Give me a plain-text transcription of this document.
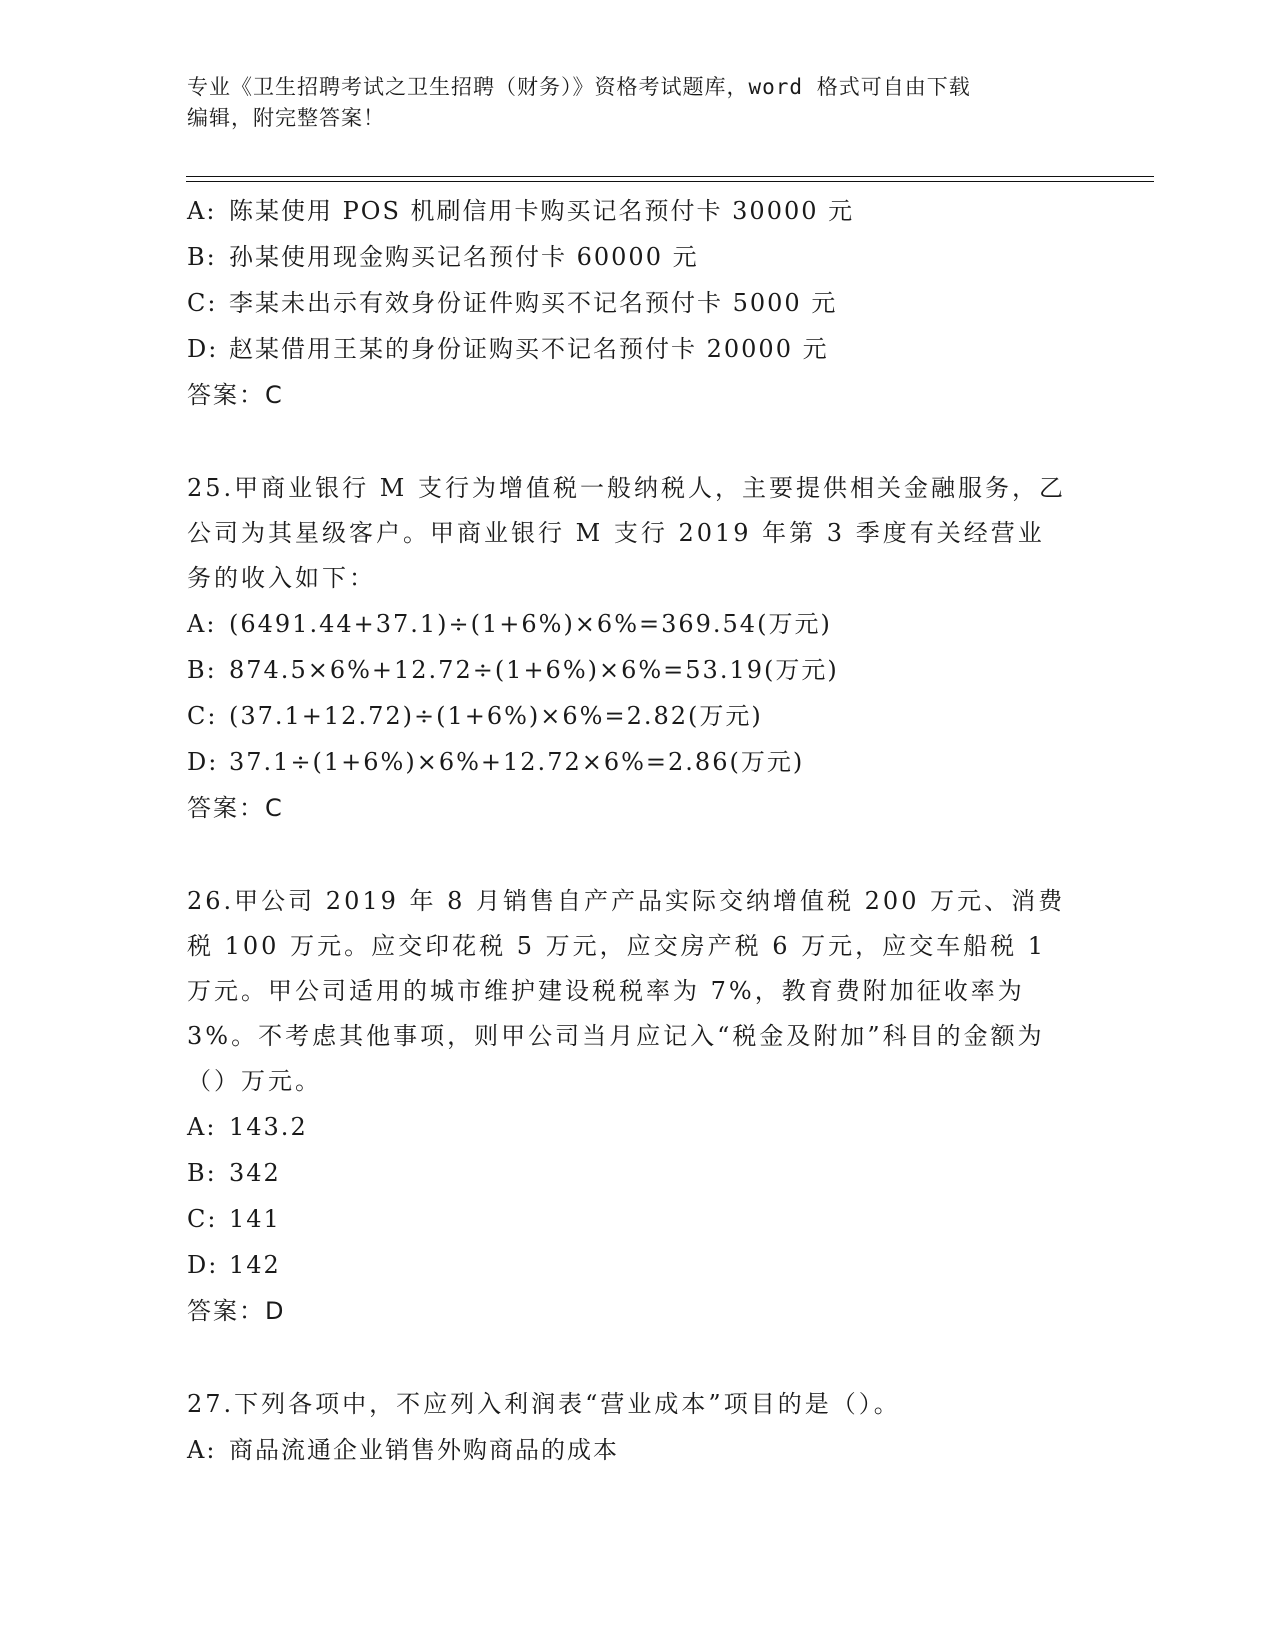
专业《卫生招聘考试之卫生招聘（财务）》资格考试题库，word 格式可自由下载
编辑，附完整答案！
A: 陈某使用 POS 机刷信用卡购买记名预付卡 30000 元
B: 孙某使用现金购买记名预付卡 60000 元
C: 李某未出示有效身份证件购买不记名预付卡 5000 元
D: 赵某借用王某的身份证购买不记名预付卡 20000 元
答案：C
25.甲商业银行 M 支行为增值税一般纳税人，主要提供相关金融服务，乙公司为其星级客户。甲商业银行 M 支行 2019 年第 3 季度有关经营业务的收入如下：
A: (6491.44+37.1)÷(1+6%)×6%=369.54(万元)
B: 874.5×6%+12.72÷(1+6%)×6%=53.19(万元)
C: (37.1+12.72)÷(1+6%)×6%=2.82(万元)
D: 37.1÷(1+6%)×6%+12.72×6%=2.86(万元)
答案：C
26.甲公司 2019 年 8 月销售自产产品实际交纳增值税 200 万元、消费税 100 万元。应交印花税 5 万元，应交房产税 6 万元，应交车船税 1 万元。甲公司适用的城市维护建设税税率为 7%，教育费附加征收率为 3%。不考虑其他事项，则甲公司当月应记入“税金及附加”科目的金额为（）万元。
A: 143.2
B: 342
C: 141
D: 142
答案：D
27.下列各项中，不应列入利润表“营业成本”项目的是（）。
A: 商品流通企业销售外购商品的成本
